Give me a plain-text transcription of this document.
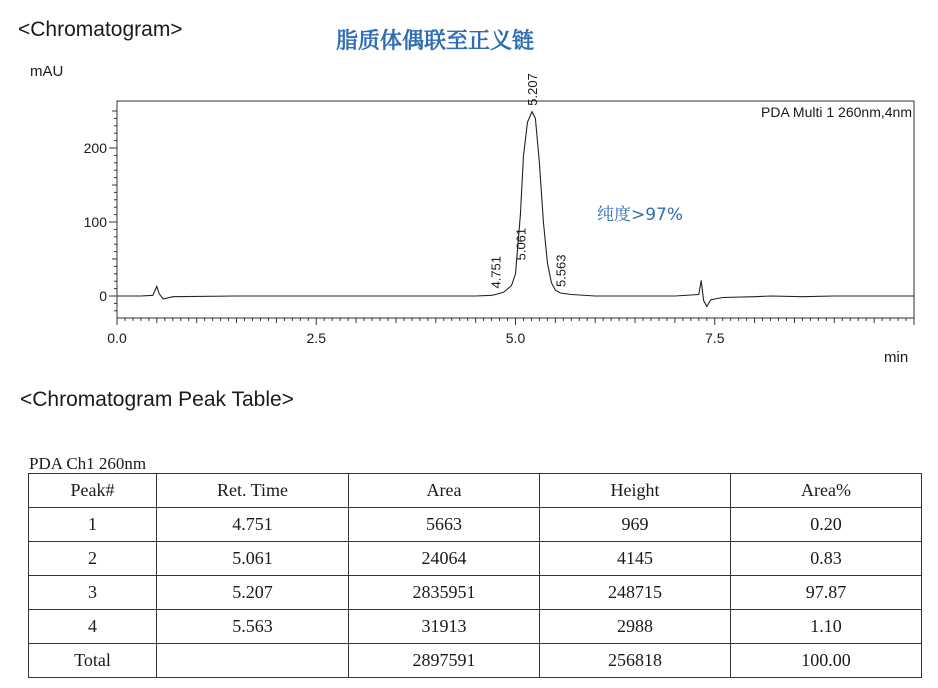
<Chromatogram>	脂质体偶联至正义链
mAU
min
0.0	2.5	5.0	7.5
0
100
200
4.751
5.061
5.207
5.563
PDA Multi 1 260nm,4nm
纯度>97%
<Chromatogram Peak Table>
PDA Ch1 260nm
Peak#	Ret. Time	Area	Height	Area%
1	4.751	5663	969	0.20
2	5.061	24064	4145	0.83
3	5.207	2835951	248715	97.87
4	5.563	31913	2988	1.10
Total		2897591	256818	100.00
